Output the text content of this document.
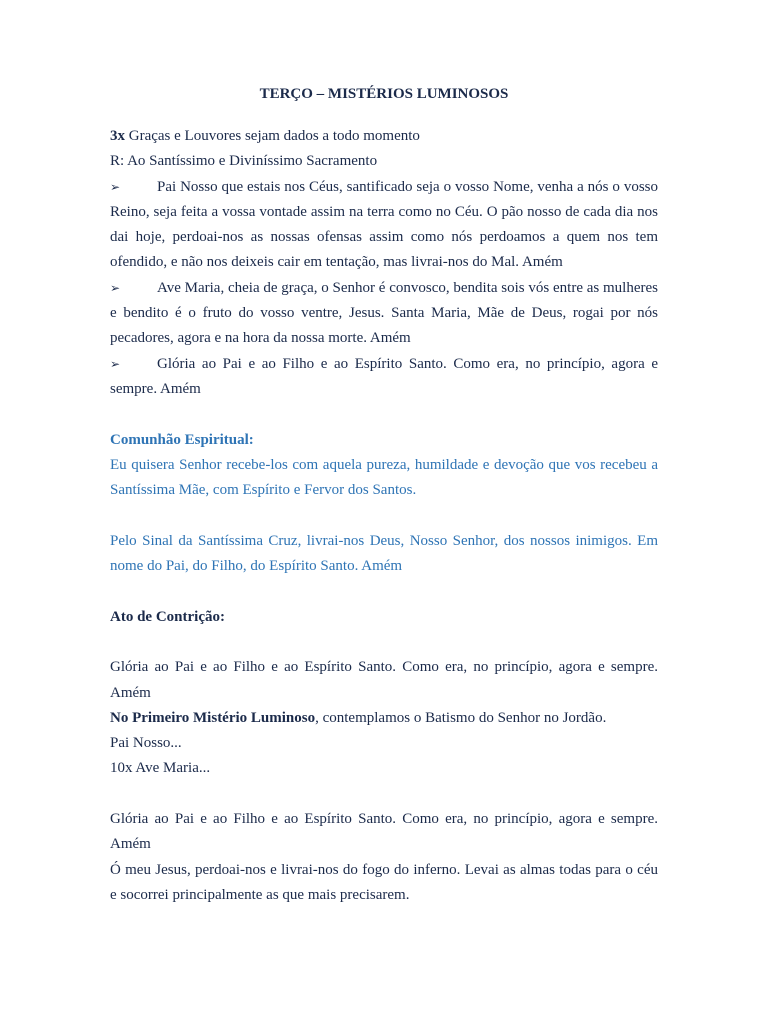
TERÇO – MISTÉRIOS LUMINOSOS

3x Graças e Louvores sejam dados a todo momento

R: Ao Santíssimo e Diviníssimo Sacramento

➢ Pai Nosso que estais nos Céus, santificado seja o vosso Nome, venha a nós o vosso Reino, seja feita a vossa vontade assim na terra como no Céu. O pão nosso de cada dia nos dai hoje, perdoai-nos as nossas ofensas assim como nós perdoamos a quem nos tem ofendido, e não nos deixeis cair em tentação, mas livrai-nos do Mal. Amém

➢ Ave Maria, cheia de graça, o Senhor é convosco, bendita sois vós entre as mulheres e bendito é o fruto do vosso ventre, Jesus. Santa Maria, Mãe de Deus, rogai por nós pecadores, agora e na hora da nossa morte. Amém

➢ Glória ao Pai e ao Filho e ao Espírito Santo. Como era, no princípio, agora e sempre. Amém

Comunhão Espiritual:

Eu quisera Senhor recebe-los com aquela pureza, humildade e devoção que vos recebeu a Santíssima Mãe, com Espírito e Fervor dos Santos.

Pelo Sinal da Santíssima Cruz, livrai-nos Deus, Nosso Senhor, dos nossos inimigos. Em nome do Pai, do Filho, do Espírito Santo. Amém

Ato de Contrição:

Glória ao Pai e ao Filho e ao Espírito Santo. Como era, no princípio, agora e sempre. Amém

No Primeiro Mistério Luminoso, contemplamos o Batismo do Senhor no Jordão.

Pai Nosso...

10x Ave Maria...

Glória ao Pai e ao Filho e ao Espírito Santo. Como era, no princípio, agora e sempre. Amém

Ó meu Jesus, perdoai-nos e livrai-nos do fogo do inferno. Levai as almas todas para o céu e socorrei principalmente as que mais precisarem.
